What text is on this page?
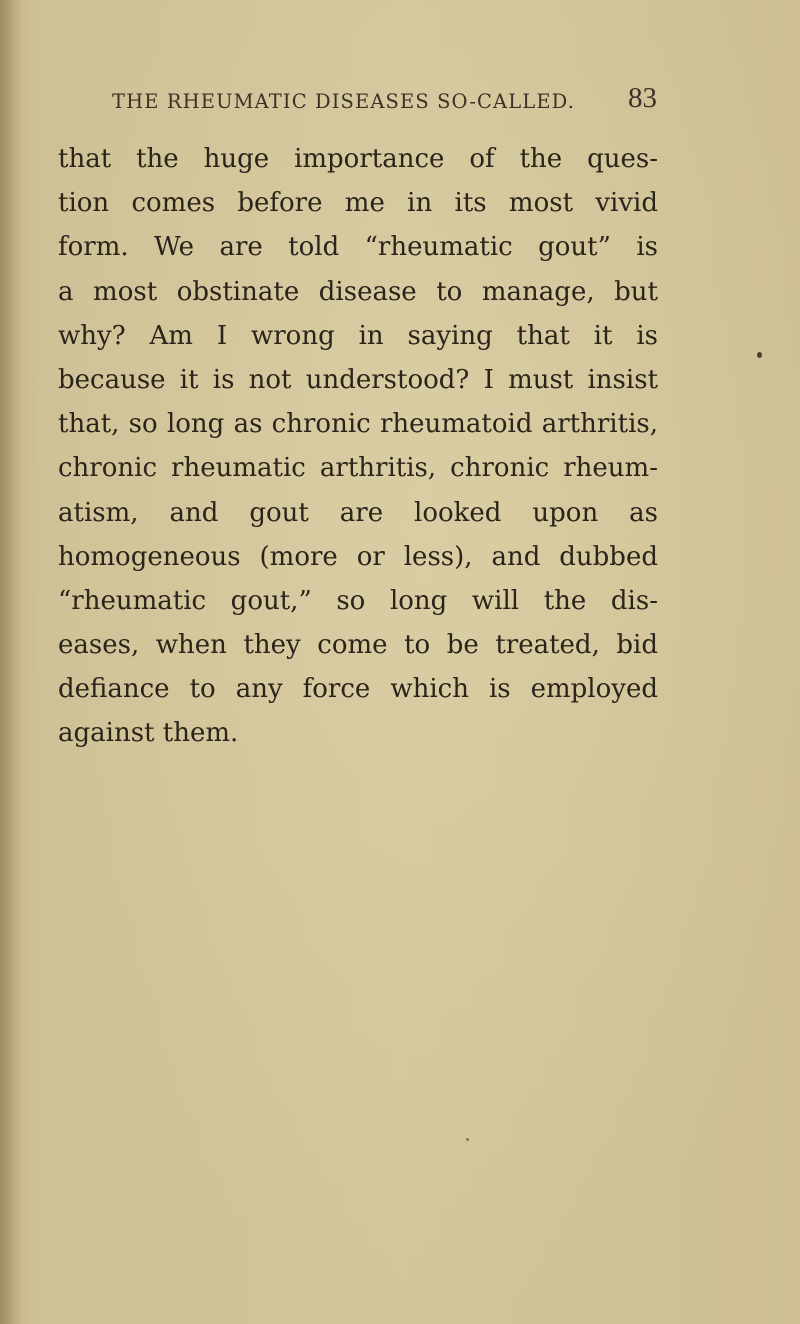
THE RHEUMATIC DISEASES SO-CALLED. 83
that the huge importance of the ques-
tion comes before me in its most vivid
form. We are told “rheumatic gout” is
a most obstinate disease to manage, but
why? Am I wrong in saying that it is
because it is not understood? I must insist
that, so long as chronic rheumatoid arthritis,
chronic rheumatic arthritis, chronic rheum-
atism, and gout are looked upon as
homogeneous (more or less), and dubbed
“rheumatic gout,” so long will the dis-
eases, when they come to be treated, bid
defiance to any force which is employed
against them.
